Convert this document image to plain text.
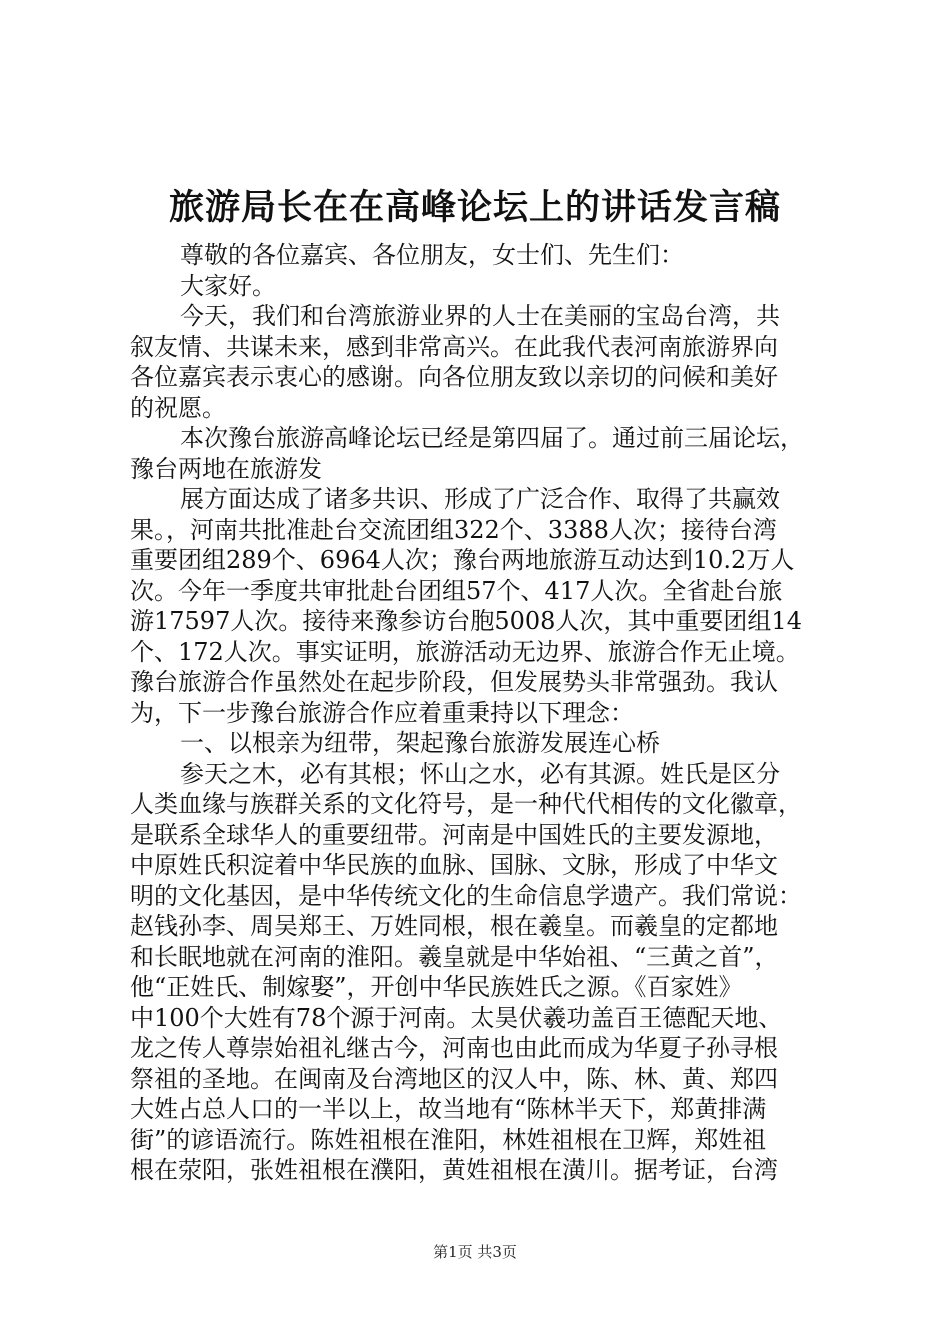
旅游局长在在高峰论坛上的讲话发言稿

尊敬的各位嘉宾、各位朋友，女士们、先生们：

大家好。

今天，我们和台湾旅游业界的人士在美丽的宝岛台湾，共

叙友情、共谋未来，感到非常高兴。在此我代表河南旅游界向

各位嘉宾表示衷心的感谢。向各位朋友致以亲切的问候和美好

的祝愿。

本次豫台旅游高峰论坛已经是第四届了。通过前三届论坛，

豫台两地在旅游发

展方面达成了诸多共识、形成了广泛合作、取得了共赢效

果。，河南共批准赴台交流团组322个、3388人次；接待台湾

重要团组289个、6964人次；豫台两地旅游互动达到10.2万人

次。今年一季度共审批赴台团组57个、417人次。全省赴台旅

游17597人次。接待来豫参访台胞5008人次，其中重要团组14

个、172人次。事实证明，旅游活动无边界、旅游合作无止境。

豫台旅游合作虽然处在起步阶段，但发展势头非常强劲。我认

为，下一步豫台旅游合作应着重秉持以下理念：

一、以根亲为纽带，架起豫台旅游发展连心桥

参天之木，必有其根；怀山之水，必有其源。姓氏是区分

人类血缘与族群关系的文化符号，是一种代代相传的文化徽章，

是联系全球华人的重要纽带。河南是中国姓氏的主要发源地，

中原姓氏积淀着中华民族的血脉、国脉、文脉，形成了中华文

明的文化基因，是中华传统文化的生命信息学遗产。我们常说：

赵钱孙李、周吴郑王、万姓同根，根在羲皇。而羲皇的定都地

和长眠地就在河南的淮阳。羲皇就是中华始祖、“三黄之首”，

他“正姓氏、制嫁娶”，开创中华民族姓氏之源。《百家姓》

中100个大姓有78个源于河南。太昊伏羲功盖百王德配天地、

龙之传人尊崇始祖礼继古今，河南也由此而成为华夏子孙寻根

祭祖的圣地。在闽南及台湾地区的汉人中，陈、林、黄、郑四

大姓占总人口的一半以上，故当地有“陈林半天下，郑黄排满

街”的谚语流行。陈姓祖根在淮阳，林姓祖根在卫辉，郑姓祖

根在荥阳，张姓祖根在濮阳，黄姓祖根在潢川。据考证，台湾

第1页 共3页
